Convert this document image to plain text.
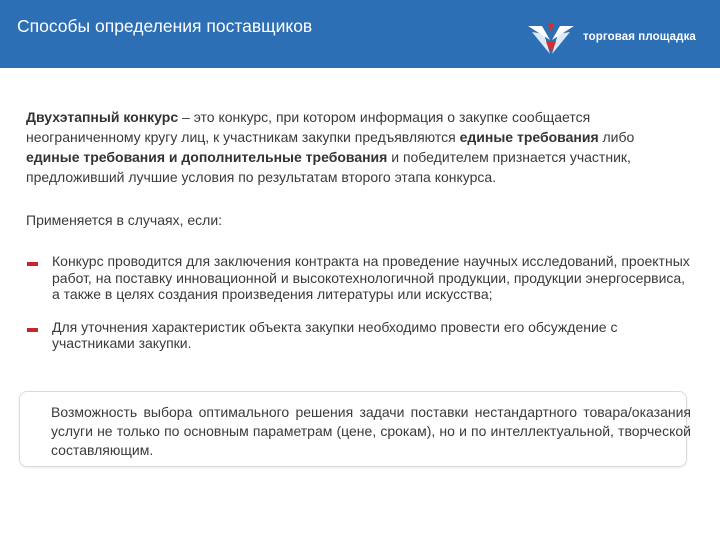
Способы определения поставщиков
торговая площадка

Двухэтапный конкурс – это конкурс, при котором информация о закупке сообщается неограниченному кругу лиц, к участникам закупки предъявляются единые требования либо единые требования и дополнительные требования и победителем признается участник, предложивший лучшие условия по результатам второго этапа конкурса.

Применяется в случаях, если:

Конкурс проводится для заключения контракта на проведение научных исследований, проектных работ, на поставку инновационной и высокотехнологичной продукции, продукции энергосервиса, а также в целях создания произведения литературы или искусства;
Для уточнения характеристик объекта закупки необходимо провести его обсуждение с участниками закупки.

Возможность выбора оптимального решения задачи поставки нестандартного товара/оказания услуги не только по основным параметрам (цене, срокам), но и по интеллектуальной, творческой составляющим.
